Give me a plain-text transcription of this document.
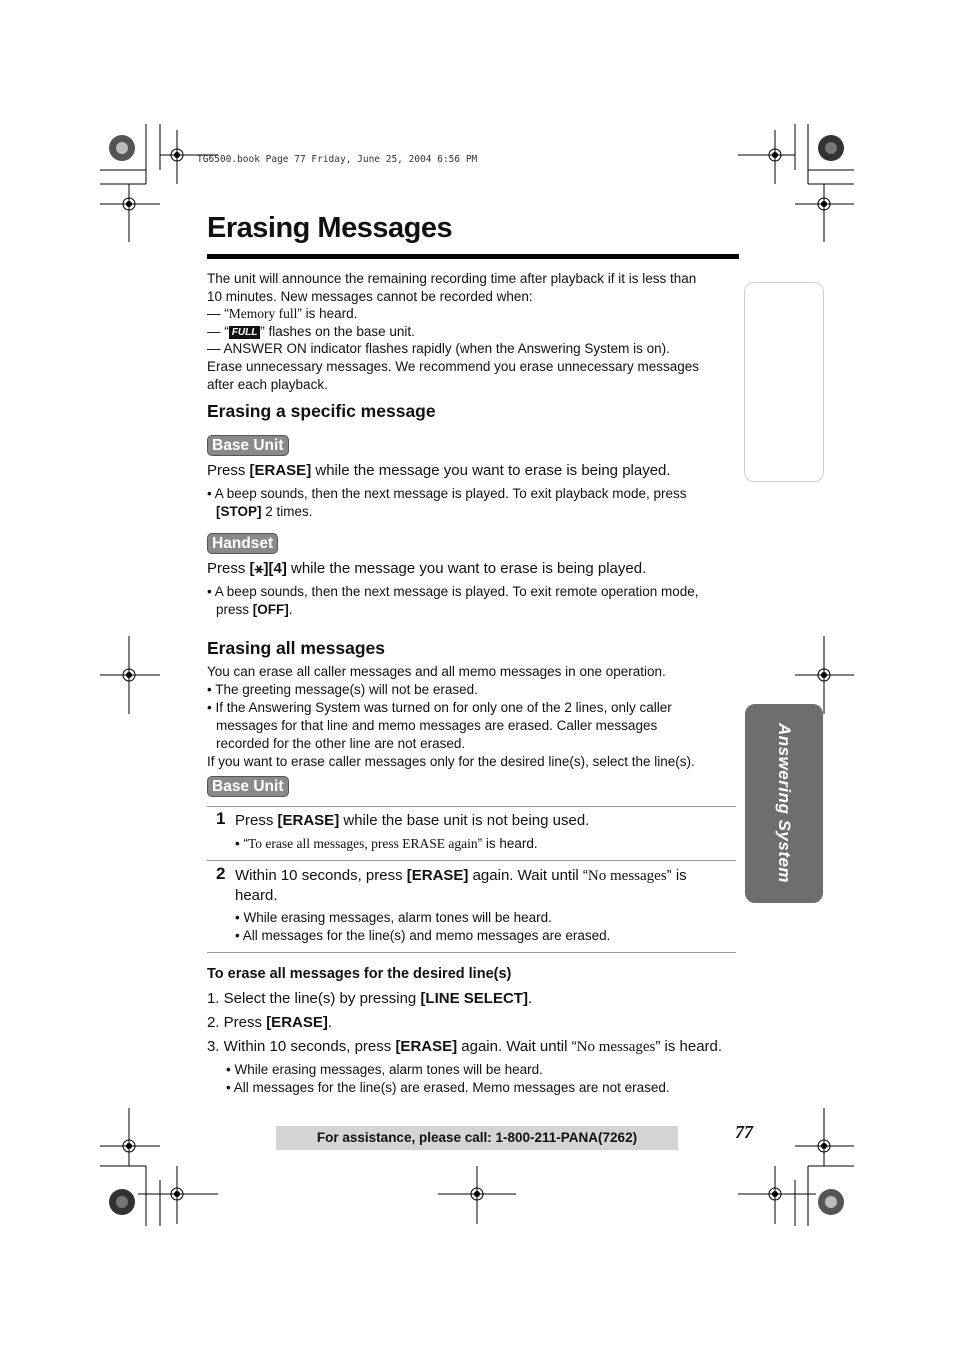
TG6500.book Page 77 Friday, June 25, 2004 6:56 PM
Erasing Messages

The unit will announce the remaining recording time after playback if it is less than

10 minutes. New messages cannot be recorded when:

— “Memory full” is heard.

— “ FULL ” flashes on the base unit.

— ANSWER ON indicator flashes rapidly (when the Answering System is on).

Erase unnecessary messages. We recommend you erase unnecessary messages

after each playback.

Erasing a specific message
Base Unit
Press [ERASE] while the message you want to erase is being played.
• A beep sounds, then the next message is played. To exit playback mode, press
[STOP] 2 times.
Handset
Press [⚹][4] while the message you want to erase is being played.
• A beep sounds, then the next message is played. To exit remote operation mode,
press [OFF].
Erasing all messages
You can erase all caller messages and all memo messages in one operation.
• The greeting message(s) will not be erased.
• If the Answering System was turned on for only one of the 2 lines, only caller
messages for that line and memo messages are erased. Caller messages
recorded for the other line are not erased.
If you want to erase caller messages only for the desired line(s), select the line(s).
Base Unit
1 Press [ERASE] while the base unit is not being used.
• “To erase all messages, press ERASE again” is heard.
2 Within 10 seconds, press [ERASE] again. Wait until “No messages” is
heard.
• While erasing messages, alarm tones will be heard.
• All messages for the line(s) and memo messages are erased.
To erase all messages for the desired line(s)
1. Select the line(s) by pressing [LINE SELECT].
2. Press [ERASE].
3. Within 10 seconds, press [ERASE] again. Wait until “No messages” is heard.
• While erasing messages, alarm tones will be heard.
• All messages for the line(s) are erased. Memo messages are not erased.
Answering System
For assistance, please call: 1-800-211-PANA(7262)	77
